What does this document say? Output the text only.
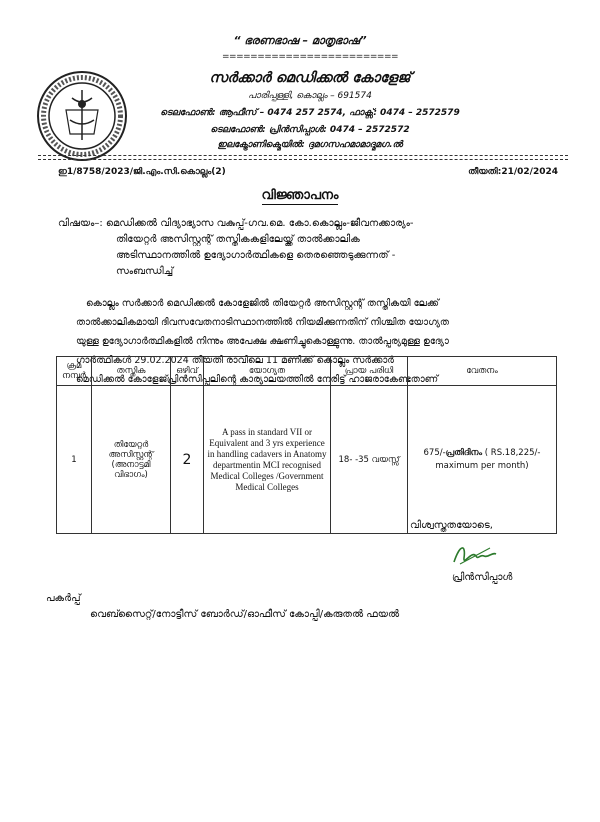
“ ഭരണഭാഷ – മാതൃഭാഷ”
=========================
സർക്കാർ മെഡിക്കൽ കോളേജ്
പാരിപ്പള്ളി, കൊല്ലം – 691574
ടെലഫോൺ: ആഫീസ് – 0474 257 2574, ഫാക്സ്: 0474 – 2572579
ടെലഫോൺ: പ്രിൻസിപ്പാൾ: 0474 – 2572572
ഇലക്ട്രോണിക്മെയിൽ: ദ്ദമഗസഹമാമാദ്മമഗ.ൽ
ഇ1/8758/2023/ജി.എം.സി.കൊല്ലം(2)	തീയതി:21/02/2024
വിജ്ഞാപനം
വിഷയം–: മെഡിക്കൽ വിദ്യാഭ്യാസ വകുപ്പ്-ഗവ.മെ. കോ.കൊല്ലം-ജീവനക്കാര്യം-
തിയേറ്റർ അസിസ്റ്റന്റ് തസ്തികകളിലേയ്ക്ക് താൽക്കാലിക
അടിസ്ഥാനത്തിൽ ഉദ്യോഗാർത്ഥികളെ തെരഞ്ഞെടുക്കുന്നത് -
സംബന്ധിച്ച്

കൊല്ലം സർക്കാർ മെഡിക്കൽ കോളേജിൽ തിയേറ്റർ അസിസ്റ്റന്റ് തസ്തികയി ലേക്ക്

താൽക്കാലികമായി ദിവസവേതനാടിസ്ഥാനത്തിൽ നിയമിക്കുന്നതിന് നിശ്ചിത യോഗ്യത

യുള്ള ഉദ്യോഗാർത്ഥികളിൽ നിന്നും അപേക്ഷ ക്ഷണിച്ചുകൊള്ളുന്നു. താൽപ്പര്യമുള്ള ഉദ്യോ

ഗാർത്ഥികൾ 29.02.2024 തീയതി രാവിലെ 11 മണിക്ക് കൊല്ലം സർക്കാർ

മെഡിക്കൽ കോളേജ്പ്രിൻസിപ്പലിന്റെ കാര്യാലയത്തിൽ നേരിട്ട് ഹാജരാകേണ്ടതാണ്

ക്രമ നമ്പർ	തസ്തിക	ഒഴിവ്	യോഗ്യത	പ്രായ പരിധി	വേതനം
1	തിയേറ്റർ അസിസ്റ്റന്റ് (അനാട്ടമി വിഭാഗം)	2	A pass in standard VII or Equivalent and 3 yrs experience in handling cadavers in Anatomy departmentin MCI recognised Medical Colleges /Government Medical Colleges	18- -35 വയസ്സ്	675/-പ്രതിദിനം ( RS.18,225/- maximum per month)
വിശ്വസ്തതയോടെ,
പ്രിൻസിപ്പാൾ
പകർപ്പ്
വെബ്സൈറ്റ്/നോട്ടീസ് ബോർഡ്/ഓഫീസ് കോപ്പി/കരുതൽ ഫയൽ
